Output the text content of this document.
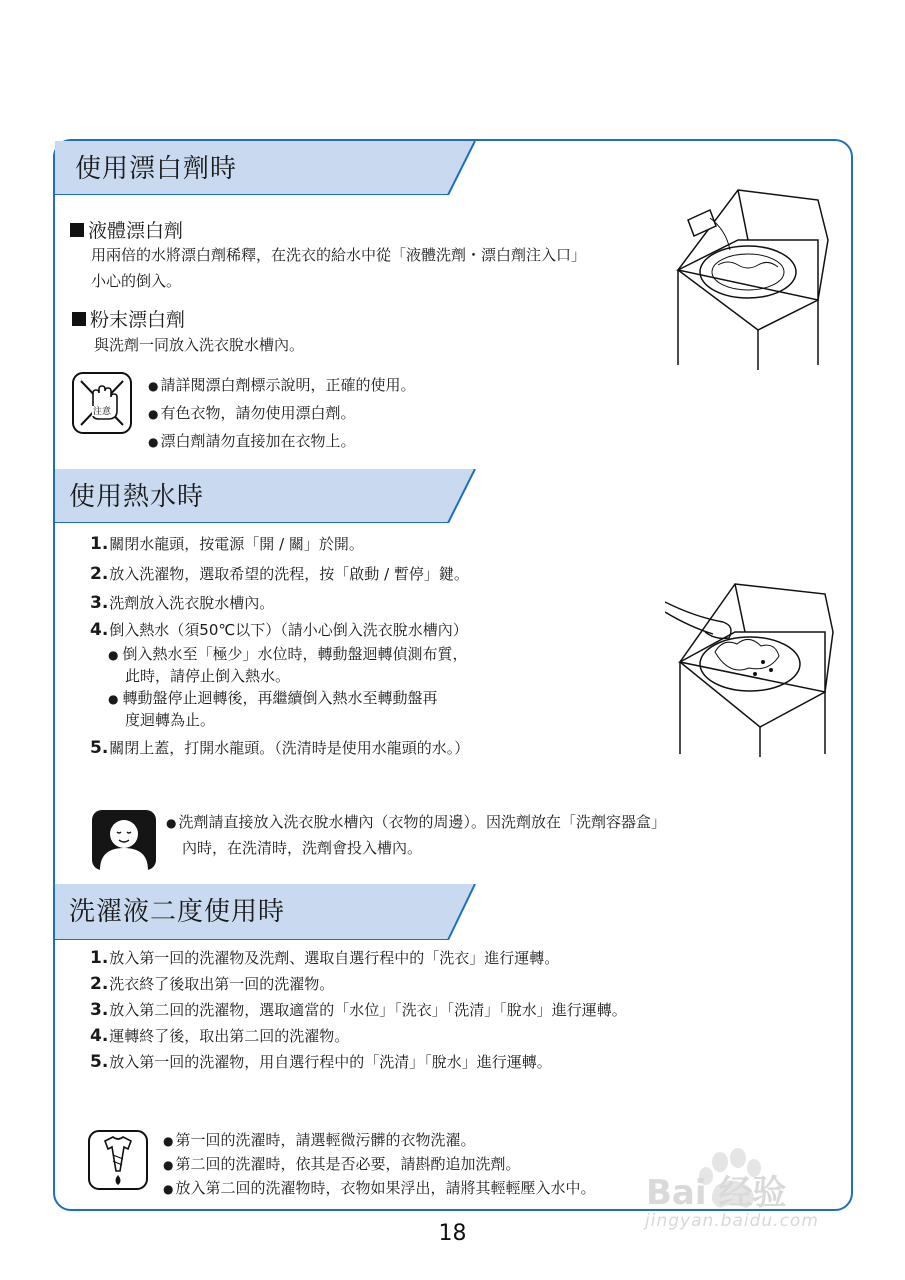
使用漂白劑時
液體漂白劑
用兩倍的水將漂白劑稀釋，在洗衣的給水中從「液體洗劑・漂白劑注入口」
小心的倒入。
粉末漂白劑
與洗劑一同放入洗衣脫水槽內。
注意
● 請詳閱漂白劑標示說明，正確的使用。
● 有色衣物，請勿使用漂白劑。
● 漂白劑請勿直接加在衣物上。
使用熱水時
1.關閉水龍頭，按電源「開 / 關」於開。
2.放入洗濯物，選取希望的洗程，按「啟動 / 暫停」鍵。
3.洗劑放入洗衣脫水槽內。
4.倒入熱水（須50℃以下）（請小心倒入洗衣脫水槽內）
● 倒入熱水至「極少」水位時，轉動盤迴轉偵測布質，
此時，請停止倒入熱水。
● 轉動盤停止迴轉後，再繼續倒入熱水至轉動盤再
度迴轉為止。
5.關閉上蓋，打開水龍頭。（洗清時是使用水龍頭的水。）
● 洗劑請直接放入洗衣脫水槽內（衣物的周邊）。因洗劑放在「洗劑容器盒」
內時，在洗清時，洗劑會投入槽內。
洗濯液二度使用時
1.放入第一回的洗濯物及洗劑、選取自選行程中的「洗衣」進行運轉。
2.洗衣終了後取出第一回的洗濯物。
3.放入第二回的洗濯物，選取適當的「水位」「洗衣」「洗清」「脫水」進行運轉。
4.運轉終了後，取出第二回的洗濯物。
5.放入第一回的洗濯物，用自選行程中的「洗清」「脫水」進行運轉。
● 第一回的洗濯時，請選輕微污髒的衣物洗濯。
● 第二回的洗濯時，依其是否必要，請斟酌追加洗劑。
● 放入第二回的洗濯物時，衣物如果浮出，請將其輕輕壓入水中。
18
Bai 经验
jingyan.baidu.com
